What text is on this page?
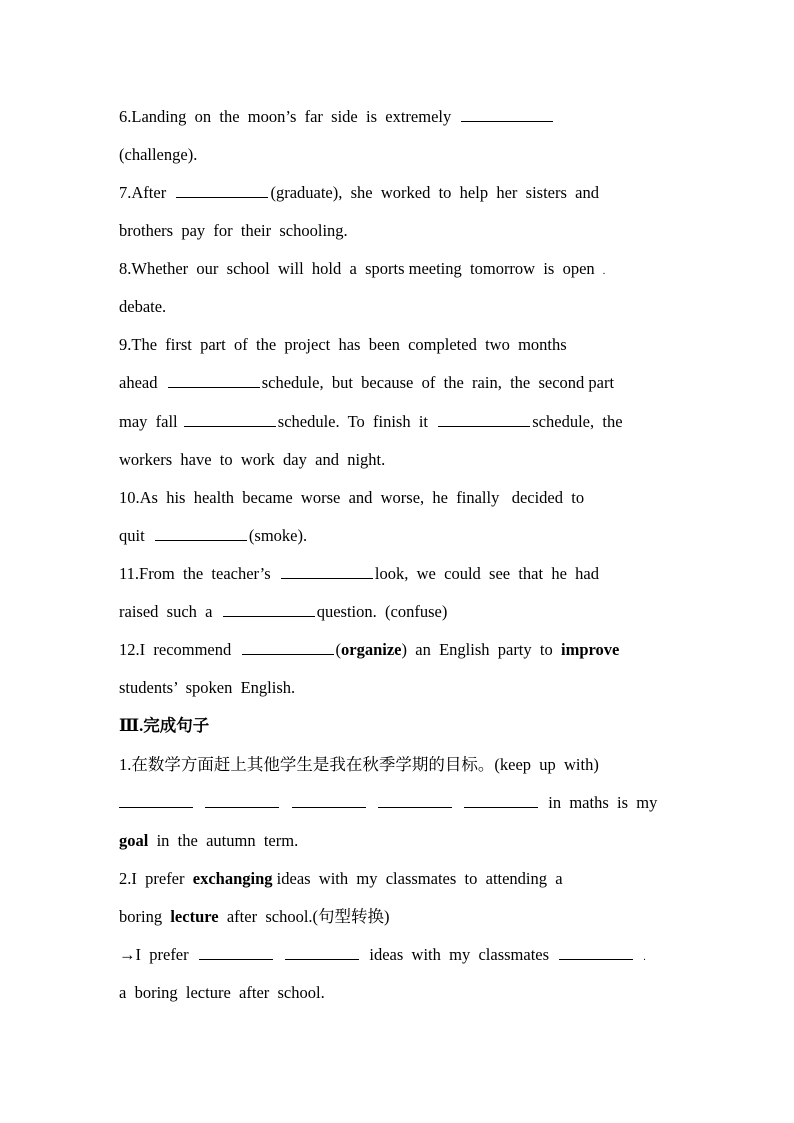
6.Landing  on  the  moon’s  far  side  is  extremely
(challenge).
7.After	(graduate),  she  worked  to  help  her  sisters  and
brothers  pay  for  their  schooling.
8.Whether  our  school  will  hold  a  sports meeting  tomorrow  is  open .
debate.
9.The  first  part  of  the  project  has  been  completed  two  months
ahead	schedule,  but  because  of  the  rain,  the  second part
may  fall	schedule.  To  finish  it	schedule,  the
workers  have  to  work  day  and  night.
10.As  his  health  became  worse  and  worse,  he  finally   decided  to
quit	(smoke).
11.From  the  teacher’s	look,  we  could  see  that  he  had
raised  such  a	question.  (confuse)
12.I  recommend	(organize)  an  English  party  to  improve
students’  spoken  English.
Ⅲ.完成句子
1.在数学方面赶上其他学生是我在秋季学期的目标。(keep  up  with)
in  maths  is  my
goal  in  the  autumn  term.
2.I  prefer  exchanging ideas  with  my  classmates  to  attending  a
boring  lecture  after  school.(句型转换)
→I  prefer	ideas  with  my  classmates	.
a  boring  lecture  after  school.
